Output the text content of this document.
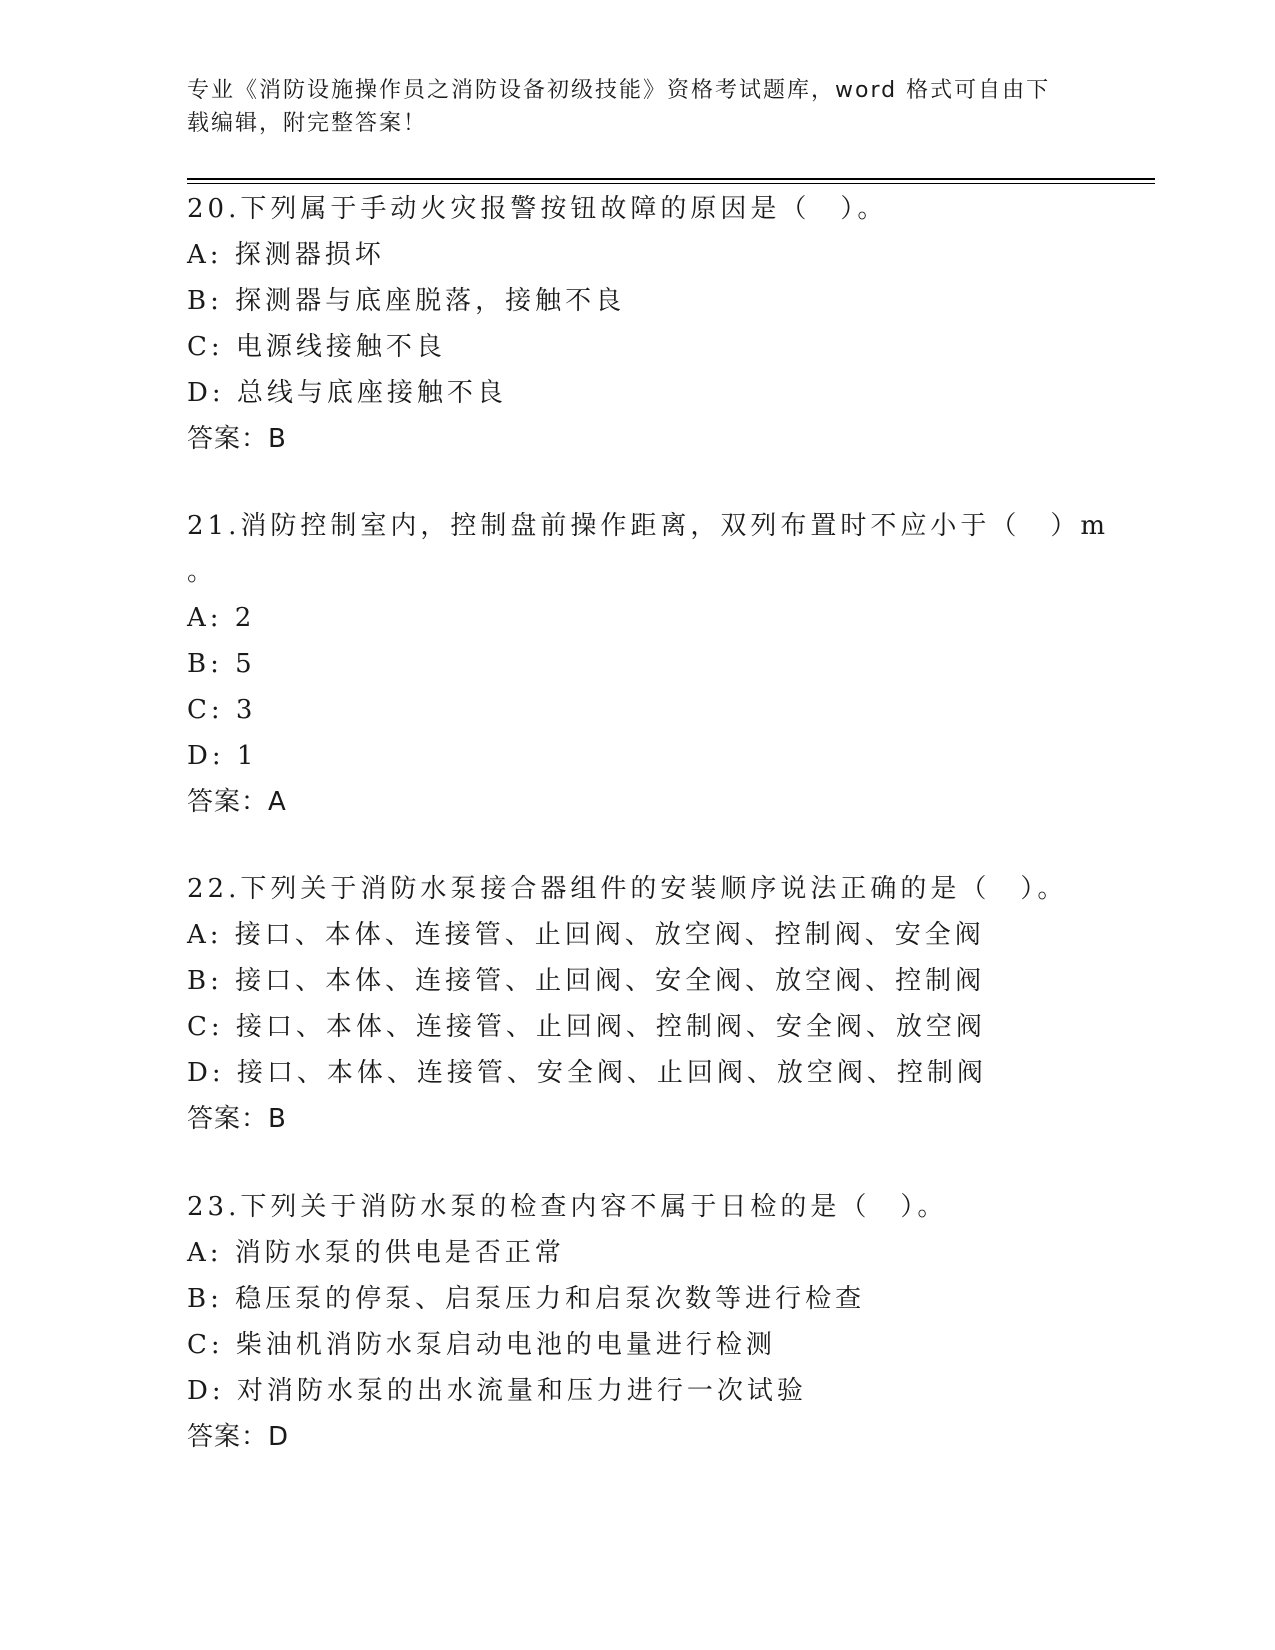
专业《消防设施操作员之消防设备初级技能》资格考试题库，word 格式可自由下
载编辑，附完整答案！
20.下列属于手动火灾报警按钮故障的原因是（　）。
A: 探测器损坏
B: 探测器与底座脱落，接触不良
C: 电源线接触不良
D: 总线与底座接触不良
答案：B
21.消防控制室内，控制盘前操作距离，双列布置时不应小于（　）m
。
A: 2
B: 5
C: 3
D: 1
答案：A
22.下列关于消防水泵接合器组件的安装顺序说法正确的是（　）。
A: 接口、本体、连接管、止回阀、放空阀、控制阀、安全阀
B: 接口、本体、连接管、止回阀、安全阀、放空阀、控制阀
C: 接口、本体、连接管、止回阀、控制阀、安全阀、放空阀
D: 接口、本体、连接管、安全阀、止回阀、放空阀、控制阀
答案：B
23.下列关于消防水泵的检查内容不属于日检的是（　）。
A: 消防水泵的供电是否正常
B: 稳压泵的停泵、启泵压力和启泵次数等进行检查
C: 柴油机消防水泵启动电池的电量进行检测
D: 对消防水泵的出水流量和压力进行一次试验
答案：D
